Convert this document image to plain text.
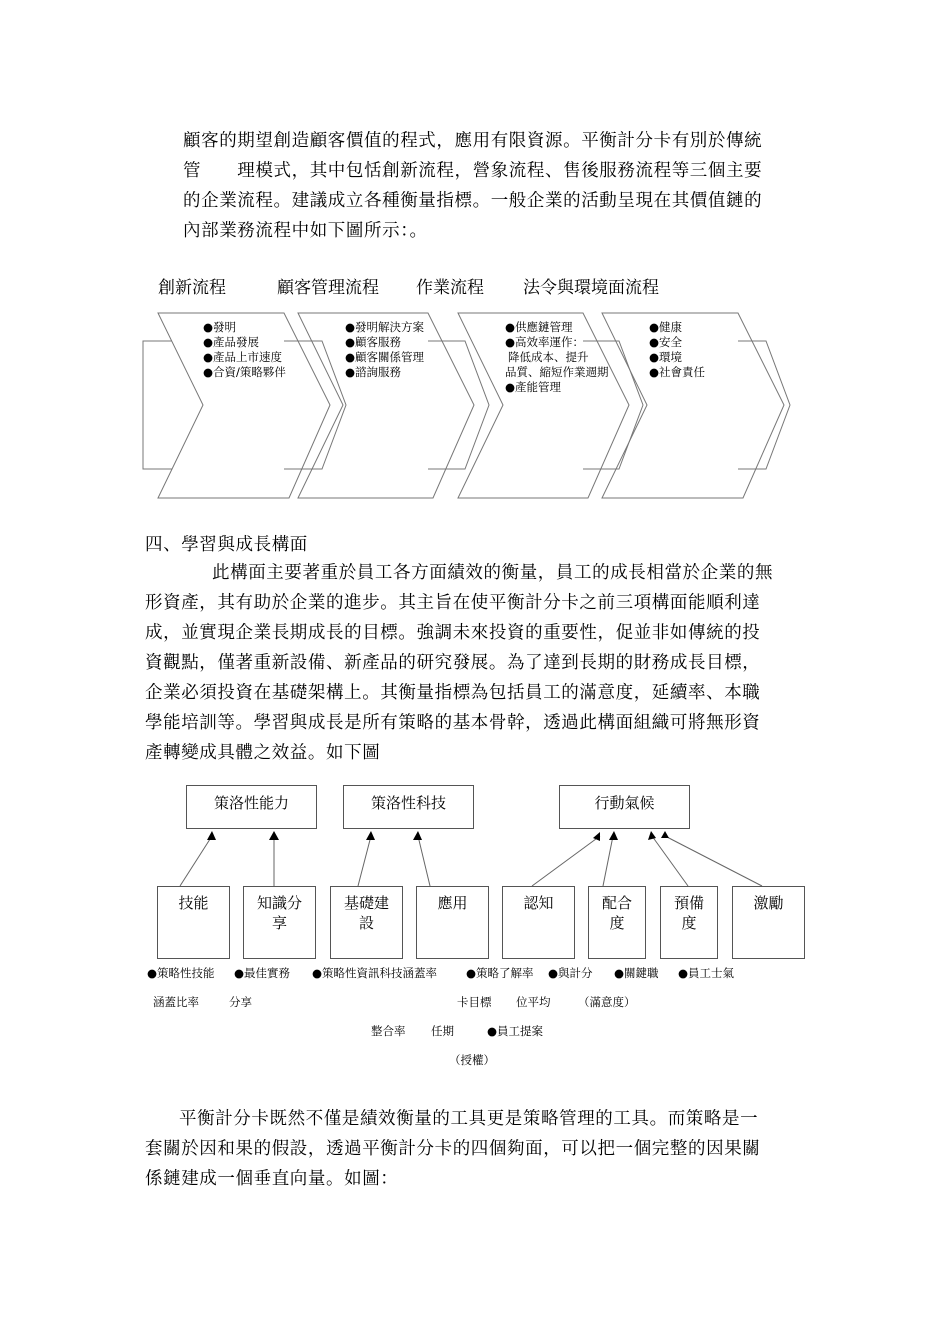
顧客的期望創造顧客價值的程式，應用有限資源。平衡計分卡有別於傳統

管　　理模式，其中包恬創新流程，營象流程、售後服務流程等三個主要

的企業流程。建議成立各種衡量指標。一般企業的活動呈現在其價值鏈的

內部業務流程中如下圖所示：。

創新流程	顧客管理流程 作業流程 法令與環境面流程
●發明
●產品發展
●產品上市速度
●合資/策略夥伴
●發明解決方案
●顧客服務
●顧客關係管理
●諮詢服務
●供應鏈管理
●高效率運作：
降低成本、提升
品質、縮短作業週期
●產能管理
●健康
●安全
●環境
●社會責任
四、學習與成長構面

此構面主要著重於員工各方面績效的衡量，員工的成長相當於企業的無

形資產，其有助於企業的進步。其主旨在使平衡計分卡之前三項構面能順利達

成，並實現企業長期成長的目標。強調未來投資的重要性，促並非如傳統的投

資觀點，僅著重新設備、新產品的研究發展。為了達到長期的財務成長目標，

企業必須投資在基礎架構上。其衡量指標為包括員工的滿意度，延續率、本職

學能培訓等。學習與成長是所有策略的基本骨幹，透過此構面組織可將無形資

產轉變成具體之效益。如下圖

策洛性能力	策洛性科技	行動氣候
技能	知識分
享
基礎建
設
應用	認知	配合
度
預備
度
激勵
●策略性技能 ●最佳實務 ●策略性資訊科技涵蓋率	●策略了解率 ●與計分 ●關鍵職 ●員工士氣
涵蓋比率	分享	卡目標 位平均 （滿意度）
整合率 任期	●員工提案
（授權）

平衡計分卡既然不僅是績效衡量的工具更是策略管理的工具。而策略是一

套關於因和果的假設，透過平衡計分卡的四個夠面，可以把一個完整的因果關

係鏈建成一個垂直向量。如圖：
